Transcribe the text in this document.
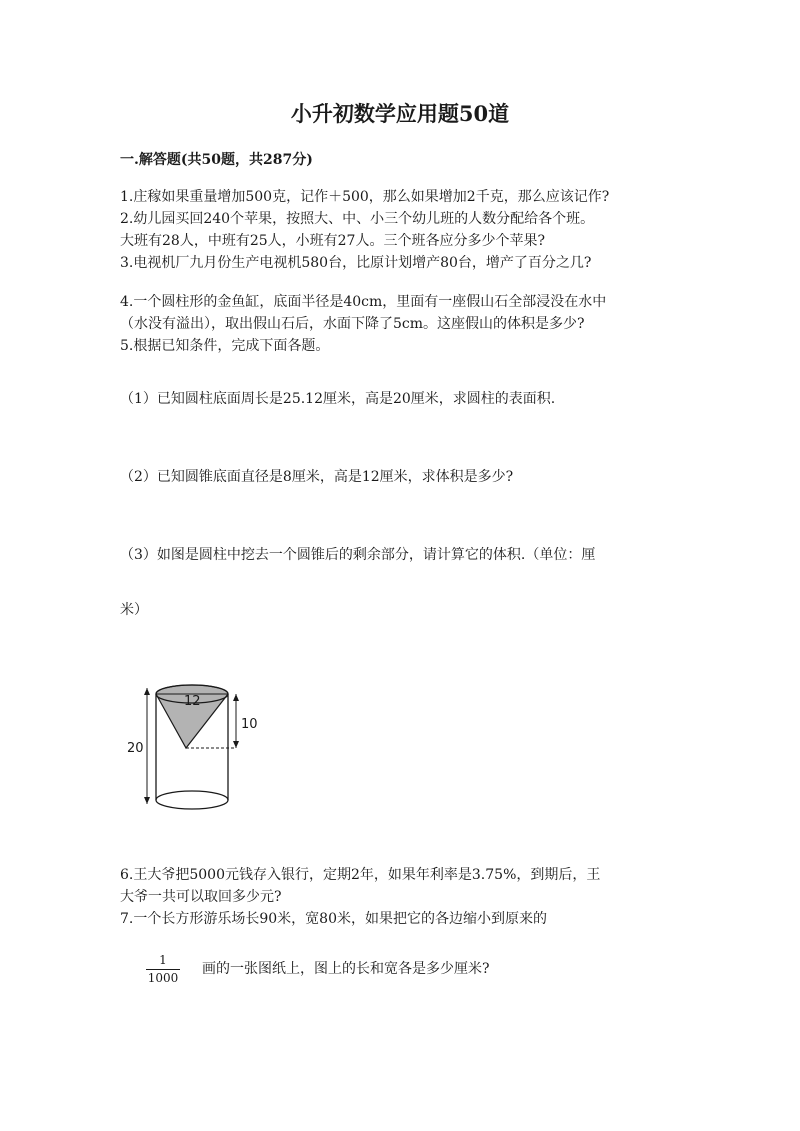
小升初数学应用题50道
一.解答题(共50题，共287分)
1.庄稼如果重量增加500克，记作＋500，那么如果增加2千克，那么应该记作?
2.幼儿园买回240个苹果，按照大、中、小三个幼儿班的人数分配给各个班。
大班有28人，中班有25人，小班有27人。三个班各应分多少个苹果?
3.电视机厂九月份生产电视机580台，比原计划增产80台，增产了百分之几?
4.一个圆柱形的金鱼缸，底面半径是40cm，里面有一座假山石全部浸没在水中
（水没有溢出），取出假山石后，水面下降了5cm。这座假山的体积是多少?
5.根据已知条件，完成下面各题。
（1）已知圆柱底面周长是25.12厘米，高是20厘米，求圆柱的表面积.
（2）已知圆锥底面直径是8厘米，高是12厘米，求体积是多少?
（3）如图是圆柱中挖去一个圆锥后的剩余部分，请计算它的体积.（单位：厘
米）
20
12
10
6.王大爷把5000元钱存入银行，定期2年，如果年利率是3.75%，到期后，王
大爷一共可以取回多少元?
7.一个长方形游乐场长90米，宽80米，如果把它的各边缩小到原来的
1
1000
画的一张图纸上，图上的长和宽各是多少厘米?
